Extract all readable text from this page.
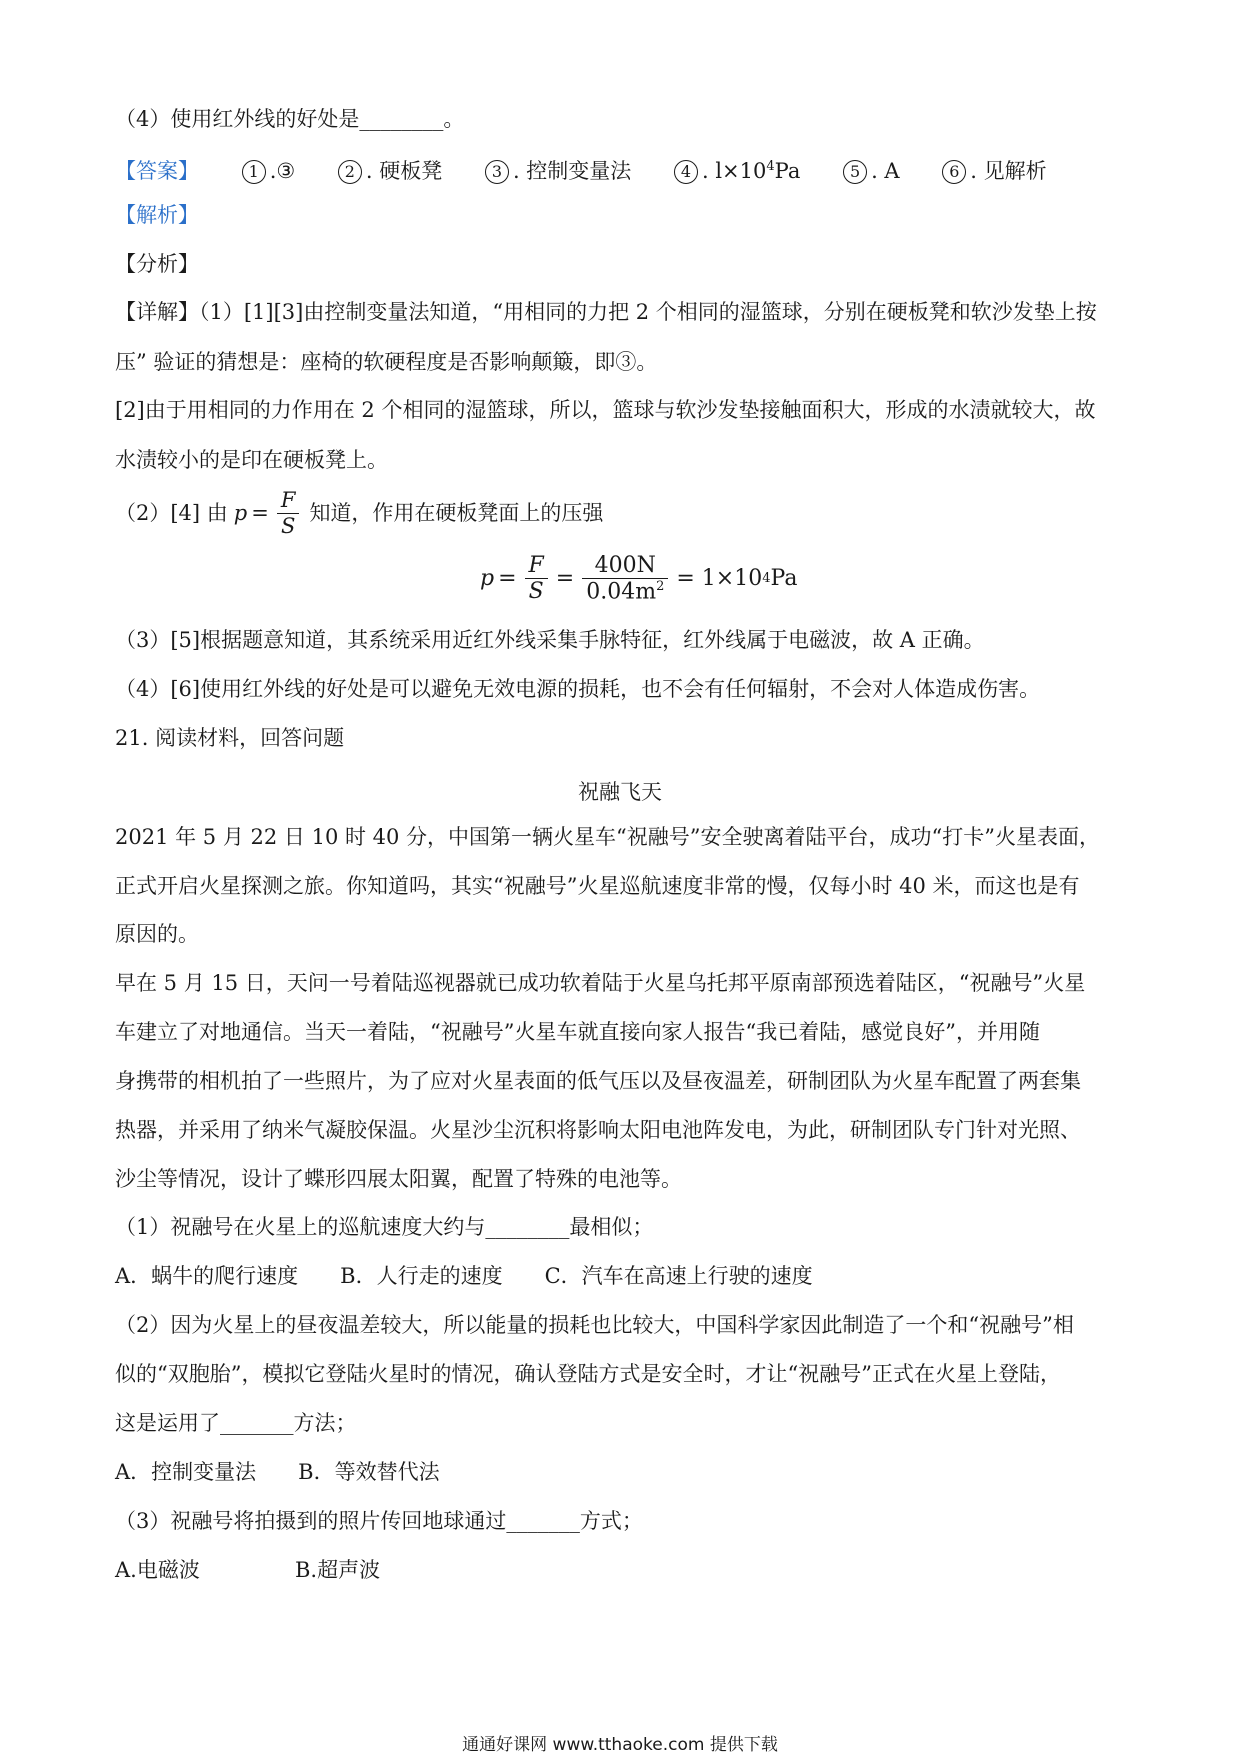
（4）使用红外线的好处是________。
【答案】	1 .③	2 . 硬板凳	3 . 控制变量法	4 . $l\times 10^4Pa$	5 . A	6 . 见解析
【解析】
【分析】
【详解】（1）[1][3]由控制变量法知道，“用相同的力把 2 个相同的湿篮球，分别在硬板凳和软沙发垫上按
压” 验证的猜想是：座椅的软硬程度是否影响颠簸，即③。
[2]由于用相同的力作用在 2 个相同的湿篮球，所以，篮球与软沙发垫接触面积大，形成的水渍就较大，故
水渍较小的是印在硬板凳上。
（2）[4] 由 $p = \frac{F}{S}$ 知道，作用在硬板凳面上的压强
$p = \frac{F}{S} = \frac{400N}{0.04m^2} = 1\times 10$ 4 Pa
（3）[5]根据题意知道，其系统采用近红外线采集手脉特征，红外线属于电磁波，故 A 正确。
（4）[6]使用红外线的好处是可以避免无效电源的损耗，也不会有任何辐射，不会对人体造成伤害。
21. 阅读材料，回答问题
祝融飞天
2021 年 5 月 22 日 10 时 40 分，中国第一辆火星车“祝融号”安全驶离着陆平台，成功“打卡”火星表面，
正式开启火星探测之旅。你知道吗，其实“祝融号”火星巡航速度非常的慢，仅每小时 40 米，而这也是有
原因的。
早在 5 月 15 日，天问一号着陆巡视器就已成功软着陆于火星乌托邦平原南部预选着陆区，“祝融号”火星
车建立了对地通信。当天一着陆，“祝融号”火星车就直接向家人报告“我已着陆，感觉良好”，并用随
身携带的相机拍了一些照片，为了应对火星表面的低气压以及昼夜温差，研制团队为火星车配置了两套集
热器，并采用了纳米气凝胶保温。火星沙尘沉积将影响太阳电池阵发电，为此，研制团队专门针对光照、
沙尘等情况，设计了蝶形四展太阳翼，配置了特殊的电池等。
（1）祝融号在火星上的巡航速度大约与________最相似；
A．蜗牛的爬行速度　　B．人行走的速度　　C．汽车在高速上行驶的速度
（2）因为火星上的昼夜温差较大，所以能量的损耗也比较大，中国科学家因此制造了一个和“祝融号”相
似的“双胞胎”，模拟它登陆火星时的情况，确认登陆方式是安全时，才让“祝融号”正式在火星上登陆，
这是运用了_______方法；
A．控制变量法　　B．等效替代法
（3）祝融号将拍摄到的照片传回地球通过_______方式；
A.电磁波	B.超声波
通通好课网 www.tthaoke.com 提供下载
